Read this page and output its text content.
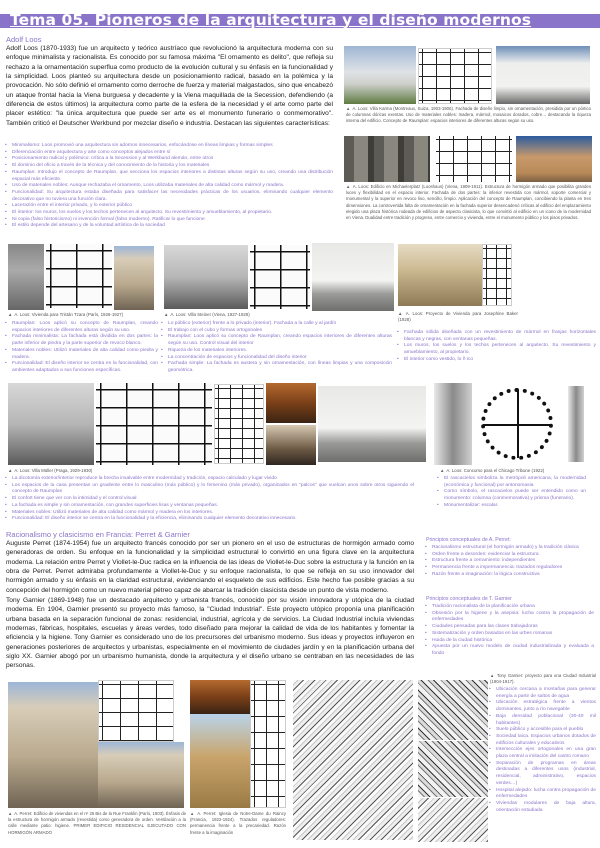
Tema 05. Pioneros de la arquitectura y el diseño modernos
Adolf Loos
Adolf Loos (1870-1933) fue un arquitecto y teórico austríaco que revolucionó la arquitectura moderna con su enfoque minimalista y racionalista. Es conocido por su famosa máxima "El ornamento es delito", que refleja su rechazo a la ornamentación superflua como producto de la evolución cultural y su énfasis en la funcionalidad y la simplicidad. Loos planteó su arquitectura desde un posicionamiento radical, basado en la polémica y la provocación. No sólo definió el ornamento como derroche de fuerza y material malgastados, sino que encabezó un ataque frontal hacia la Viena burguesa y decadente y la Viena maquillada de la Secession, defendiendo (a diferencia de estos últimos) la arquitectura como parte de la esfera de la necesidad y el arte como parte del placer estético: "la única arquitectura que puede ser arte es el monumento funerario o conmemorativo". También criticó el Deutscher Werkbund por mezclar diseño e industria. Destacan las siguientes características:
• Minimalismo: Loos promovió una arquitectura sin adornos innecesarios, enfocándose en líneas limpias y formas simples
• Diferenciación entre arquitectura y arte como conceptos alejados entre sí
• Posicionamiento radical y polémico: crítica a la Secession y al Werkbund alemán, entre otros
• El dominio del oficio a través de la técnica y del conocimiento de la historia y los materiales
• Raumplan: Introdujo el concepto de Raumplan, que secciona los espacios interiores a distintas alturas según su uso, creando una distribución espacial más eficiente.
• Uso de materiales nobles: Aunque rechazaba el ornamento, Loos utilizaba materiales de alta calidad como mármol y madera.
• Funcionalidad: Su arquitectura estaba diseñada para satisfacer las necesidades prácticas de los usuarios, eliminando cualquier elemento decorativo que no tuviera una función clara.
• Lacerazión entre el interior privado, y lo exterior público
• El interior: los muros, los suelos y los techos pertenecen al arquitecto. Su revestimiento y amueblamiento, al propietario.
• Ni copia (falso historicismo) ni invención formal (falso moderno). Ratificar lo que funcione
• El estilo depende del artesano y de la voluntad artística de la sociedad
▲ A. Loos: Villa Karma (Montreaux, Suiza, 1903-1906). Fachada de diseño limpio, sin ornamentación, presidida por un pórtico de columnas dóricas exentas. Uso de materiales nobles: madera, mármol, mosaicos dorados, cobre… destacando la riqueza interna del edificio. Concepto de Raumplan: espacios interiores de diferentes alturas según su uso.
▲ A. Loos: Edificio en Michaelerplatz (Looshaus) (Viena, 1909-1911). Estructura de hormigón armado que posibilita grandes luces y flexibilidad en el espacio interior. Fachada de dos partes: la inferior revestida con mármol, soporte comercial y monumental y la superior en revoco liso, sencillo, limpio. Aplicación del concepto de Raumplan, concibiendo la planta en tres dimensiones. La controvertida falta de ornamentación en la fachada superior desencadenó críticas al edificio del emplazamiento elegido una plaza histórica rodeada de edificios de aspecto clasicista, lo que convirtió al edificio en un icono de la modernidad en Viena. Dualidad entre tradición y progreso, entre comercio y vivienda, entre el monumento público y los pisos privados.
▲ A. Loos: Vivienda para Tristán Tzara (París, 1926-1927)	▲ A. Loos: Villa Steiner (Viena, 1927-1928)	▲ A. Loos: Proyecto de Vivienda para Josephine Baker (1928)
• Raumplan: Loos aplicó su concepto de Raumplan, creando espacios interiores de diferentes alturas según su uso.
• Fachada minimalista: La fachada está dividida en dos partes: la parte inferior de piedra y la parte superior de revoco blanco.
• Materiales nobles: Utilizó materiales de alta calidad como piedra y madera.
• Funcionalidad: El diseño interior se centra en la funcionalidad, con ambientes adaptados a sus funciones específicas.
• Lo público (exterior) frente a lo privado (interior). Fachada a la calle y al jardín
• El trabajo con el cubo y formas ortogonales
• Raumplan: Loos aplicó su concepto de Raumplan, creando espacios interiores de diferentes alturas según su uso. Control visual del interior
• Riqueza de los materiales interiores.
• La concentración de espacios y funcionalidad del diseño interior
• Fachada simple: La fachada es austera y sin ornamentación, con líneas limpias y una composición geométrica.
• Fachada sólida diseñada con un revestimiento de mármol en franjas horizontales blancas y negras, con ventanas pequeñas.
• Los muros, los suelos y los techos pertenecen al arquitecto. Su revestimiento y amueblamiento, al propietario.
• El interior como vestido, lo ñ ico
▲ A. Loos: Villa Müller (Praga, 1929-1930)	▲ A. Loos: Concurso para el Chicago Tribune (1922)
• La dicotomía exterior/interior reproduce la brecha insalvable entre modernidad y tradición, espacio calculado y lugar vivido
• Los espacios de la casa presentan un gradiente entre lo masculino (más público) y lo femenino (más privado), organizados en "palcos" que vuelcan unos sobre otros siguiendo el concepto de Raumplan
• El confort tiene que ver con la intimidad y el control visual
• La fachada es simple y sin ornamentación, con grandes superficies lisas y ventanas pequeñas.
• Materiales nobles: Utilizó materiales de alta calidad como mármol y madera en los interiores.
• Funcionalidad: El diseño interior se centra en la funcionalidad y la eficiencia, eliminando cualquier elemento decorativo innecesario.
• El rascacielos simboliza la metrópoli americana, la modernidad (económica y funcional) por antonomasia
• Como símbolo, el rascacielos puede ser entendido como un monumento: columna (conmemorativa) y prisma (funerario).
• Monumentalizar: escalar.
Racionalismo y clasicismo en Francia: Perret & Garnier
Auguste Perret (1874-1954) fue un arquitecto francés conocido por ser un pionero en el uso de estructuras de hormigón armado como generadoras de orden. Su enfoque en la funcionalidad y la simplicidad estructural lo convirtió en una figura clave en la arquitectura moderna. La relación entre Perret y Viollet-le-Duc radica en la influencia de las ideas de Viollet-le-Duc sobre la estructura y la función en la obra de Perret. Perret admiraba profundamente a Viollet-le-Duc y su enfoque racionalista, lo que se refleja en su uso innovador del hormigón armado y su énfasis en la claridad estructural, evidenciando el esqueleto de sus edificios. Este hecho fue posible gracias a su concepción del hormigón como un nuevo material pétreo capaz de abarcar la tradición clasicista desde un punto de vista moderno.
Tony Garnier (1869-1948) fue un destacado arquitecto y urbanista francés, conocido por su visión innovadora y utópica de la ciudad moderna. En 1904, Garnier presentó su proyecto más famoso, la "Ciudad Industrial". Este proyecto utópico proponía una planificación urbana basada en la separación funcional de zonas: residencial, industrial, agrícola y de servicios. La Ciudad Industrial incluía viviendas modernas, fábricas, hospitales, escuelas y áreas verdes, todo diseñado para mejorar la calidad de vida de los habitantes y fomentar la eficiencia y la higiene. Tony Garnier es considerado uno de los precursores del urbanismo moderno. Sus ideas y proyectos influyeron en generaciones posteriores de arquitectos y urbanistas, especialmente en el movimiento de ciudades jardín y en la planificación urbana del siglo XX. Garnier abogó por un urbanismo humanista, donde la arquitectura y el diseño urbano se centraban en las necesidades de las personas.
Principios conceptuales de A. Perret:
• Racionalismo estructural (el hormigón armado) y la tradición clásica
• Orden frente a desorden: evidenciar la estructura
• Estructura frente a cerramiento: independientes
• Permanencia frente a impermanencia: trazados reguladores
• Razón frente a imaginación: la lógica constructiva
Principios conceptuales de T. Garnier
• Tradición racionalista de la planificación urbana
• Obsesión por la higiene y la asepsia: lucha contra la propagación de enfermedades
• Ciudades pensadas para las clases trabajadoras
• Sistematización y orden basados en las urbes romanas
• Huida de la ciudad histórica
• Apuesta por un nuevo modelo de ciudad industrializada y evaluada a fondo
▲ A. Perret: Edificio de viviendas en el nº 25 Bis de la Rue Franklin (París, 1903). Énfasis de la estructura de hormigón armado (revestida) como generadora de orden. Ventilación a la calle mediante patio: higiene. PRIMER EDIFICIO RESIDENCIAL EJECUTADO CON HORMIGÓN ARMADO
▲ A. Perret: Iglesia de Notre-Dame du Raincy (Francia, 1922-1924). Trazados reguladores: permanencia frente a la precariedad. Razón frente a la imaginación
▲ Tony Garnier: proyecto para una Ciudad Industrial (1904-1917).
• Ubicación cercana a montañas para generar energía a partir de saltos de agua
• Ubicación estratégica frente a vientos dominantes, junto a río navegable
• Baja densidad poblacional (30-40 mil habitantes)
• Suelo público y accesible para el pueblo
• Sociedad laica. Espacios urbanos dotados de edificios culturales y educativos
• Intersección ejes ortogonales en una gran plaza central a imitación del castro romano
• Separación de programas en áreas destinadas a diferentes usos (industrial, residencial, administrativo, espacios verdes…)
• Hospital alejado: lucha contra propagación de enfermedades
• Viviendas modulares de baja altura, orientación estudiada
